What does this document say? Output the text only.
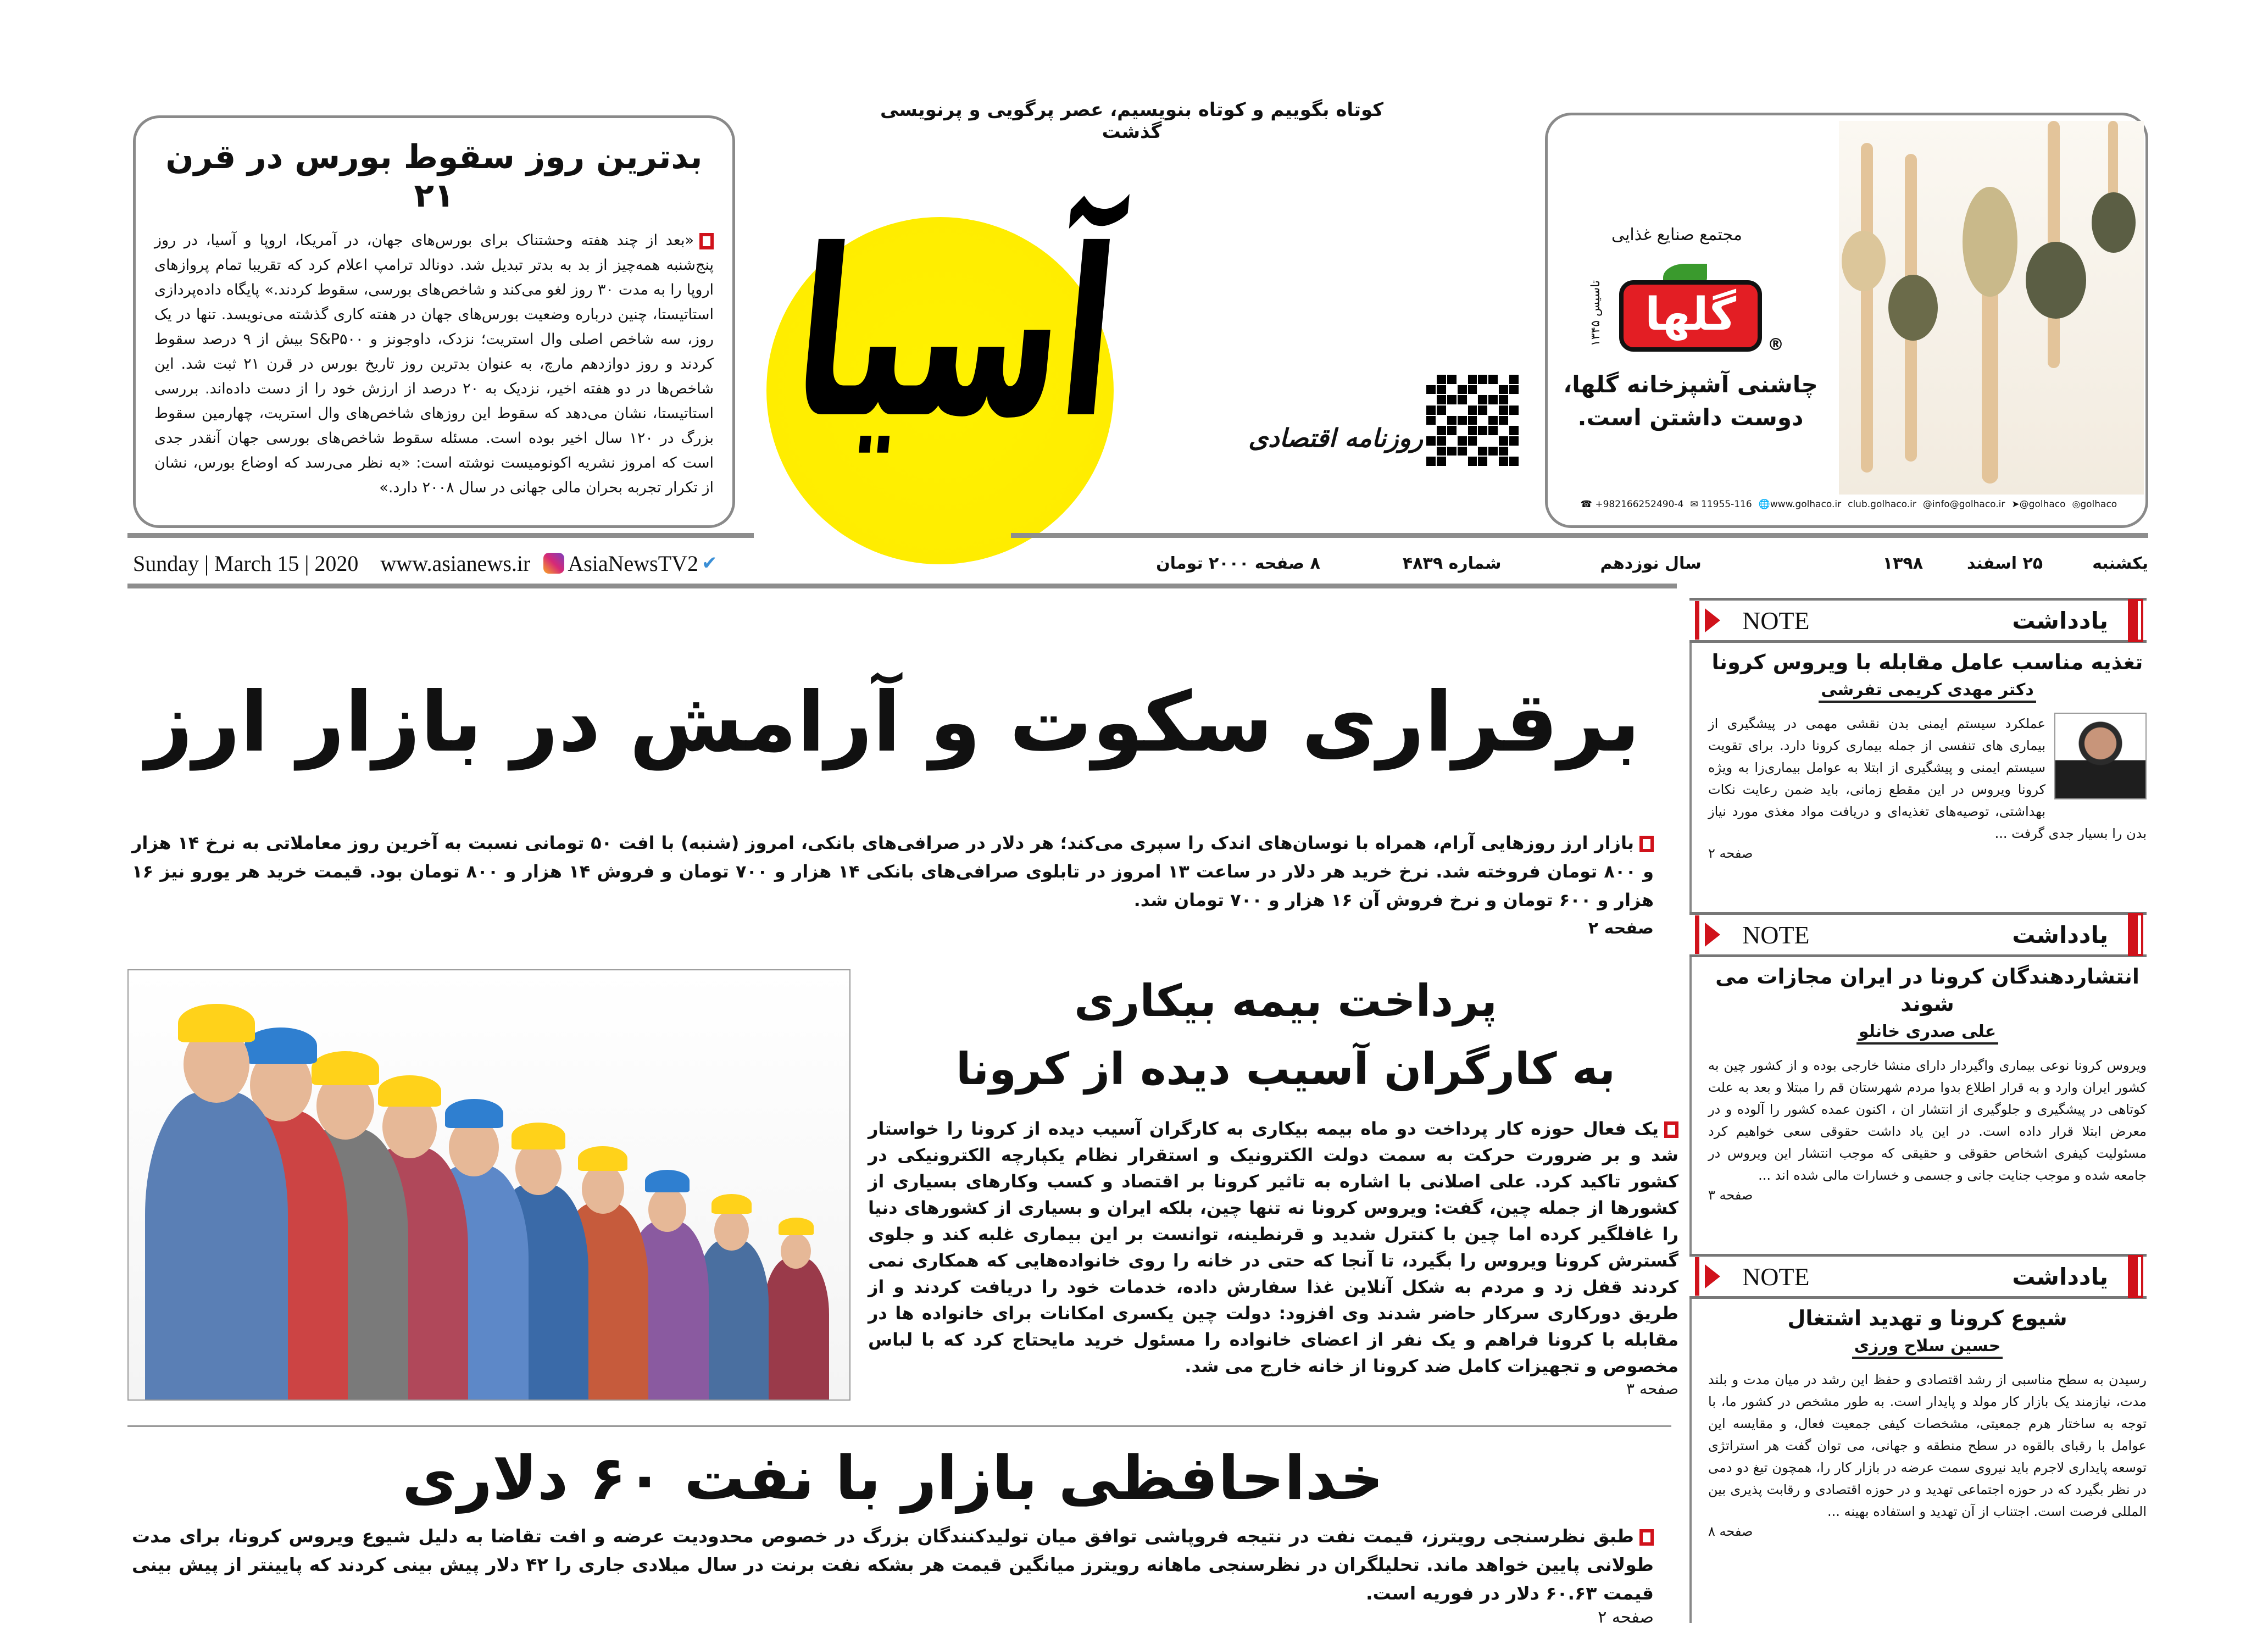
کوتاه بگوییم و کوتاه بنویسیم، عصر پرگویی و پرنویسی گذشت
بدترین روز سقوط بورس در قرن ۲۱

«بعد از چند هفته وحشتناک برای بورس‌های جهان، در آمریکا، اروپا و آسیا، در روز پنج‌شنبه همه‌چیز از بد به بدتر تبدیل شد. دونالد ترامپ اعلام کرد که تقریبا تمام پروازهای اروپا را به مدت ۳۰ روز لغو می‌کند و شاخص‌های بورسی، سقوط کردند.» پایگاه داده‌پردازی استاتیستا، چنین درباره وضعیت بورس‌های جهان در هفته کاری گذشته می‌نویسد. تنها در یک روز، سه شاخص اصلی وال استریت؛ نزدک، داوجونز و S&P۵۰۰ بیش از ۹ درصد سقوط کردند و روز دوازدهم مارچ، به عنوان بدترین روز تاریخ بورس در قرن ۲۱ ثبت شد. این شاخص‌ها در دو هفته اخیر، نزدیک به ۲۰ درصد از ارزش خود را از دست داده‌اند. بررسی استاتیستا، نشان می‌دهد که سقوط این روزهای شاخص‌های وال استریت، چهارمین سقوط بزرگ در ۱۲۰ سال اخیر بوده است. مسئله سقوط شاخص‌های بورسی جهان آنقدر جدی است که امروز نشریه اکونومیست نوشته است: «به نظر می‌رسد که اوضاع بورس، نشان از تکرار تجربه بحران مالی جهانی در سال ۲۰۰۸ دارد.»

آسیا	روزنامه اقتصادی
مجتمع صنایع غذایی
گلها
تاسیس ۱۳۴۵
®
چاشنی آشپزخانه گلها،
دوست داشتن است.
☎ +982166252490-4 ✉ 11955-116 🌐www.golhaco.ir club.golhaco.ir @info@golhaco.ir ➤@golhaco ◎golhaco
Sunday | March 15 | 2020 www.asianews.ir AsiaNewsTV2 ✔	۸ صفحه ۲۰۰۰ تومان	شماره ۴۸۳۹	سال نوزدهم	۱۳۹۸	۲۵ اسفند	یکشنبه
برقراری سکوت و آرامش در بازار ارز
بازار ارز روزهایی آرام، همراه با نوسان‌های اندک را سپری می‌کند؛ هر دلار در صرافی‌های بانکی، امروز (شنبه) با افت ۵۰ تومانی نسبت به آخرین روز معاملاتی به نرخ ۱۴ هزار و ۸۰۰ تومان فروخته شد. نرخ خرید هر دلار در ساعت ۱۳ امروز در تابلوی صرافی‌های بانکی ۱۴ هزار و ۷۰۰ تومان و فروش ۱۴ هزار و ۸۰۰ تومان بود. قیمت خرید هر یورو نیز ۱۶ هزار و ۶۰۰ تومان و نرخ فروش آن ۱۶ هزار و ۷۰۰ تومان شد.
صفحه ۲
پرداخت بیمه بیکاری
به کارگران آسیب دیده از کرونا
یک فعال حوزه کار پرداخت دو ماه بیمه بیکاری به کارگران آسیب دیده از کرونا را خواستار شد و بر ضرورت حرکت به سمت دولت الکترونیک و استقرار نظام یکپارچه الکترونیکی در کشور تاکید کرد. علی اصلانی با اشاره به تاثیر کرونا بر اقتصاد و کسب وکارهای بسیاری از کشورها از جمله چین، گفت: ویروس کرونا نه تنها چین، بلکه ایران و بسیاری از کشورهای دنیا را غافلگیر کرده اما چین با کنترل شدید و قرنطینه، توانست بر این بیماری غلبه کند و جلوی گسترش کرونا ویروس را بگیرد، تا آنجا که حتی در خانه را روی خانواده‌هایی که همکاری نمی کردند قفل زد و مردم به شکل آنلاین غذا سفارش داده، خدمات خود را دریافت کردند و از طریق دورکاری سرکار حاضر شدند وی افزود: دولت چین یکسری امکانات برای خانواده ها در مقابله با کرونا فراهم و یک نفر از اعضای خانواده را مسئول خرید مایحتاج کرد که با لباس مخصوص و تجهیزات کامل ضد کرونا از خانه خارج می شد.
صفحه ۳
خداحافظی بازار با نفت ۶۰ دلاری
طبق نظرسنجی رویترز، قیمت نفت در نتیجه فروپاشی توافق میان تولیدکنندگان بزرگ در خصوص محدودیت عرضه و افت تقاضا به دلیل شیوع ویروس کرونا، برای مدت طولانی پایین خواهد ماند. تحلیلگران در نظرسنجی ماهانه رویترز میانگین قیمت هر بشکه نفت برنت در سال میلادی جاری را ۴۲ دلار پیش بینی کردند که پایینتر از پیش بینی قیمت ۶۰.۶۳ دلار در فوریه است.
صفحه ۲
NOTE	یادداشت
تغذیه مناسب عامل مقابله با ویروس کرونا
دکتر مهدی کریمی تفرشی
عملکرد سیستم ایمنی بدن نقشی مهمی در پیشگیری از بیماری های تنفسی از جمله بیماری کرونا دارد. برای تقویت سیستم ایمنی و پیشگیری از ابتلا به عوامل بیماری‌زا به ویژه کرونا ویروس در این مقطع زمانی، باید ضمن رعایت نکات بهداشتی، توصیه‌های تغذیه‌ای و دریافت مواد مغذی مورد نیاز بدن را بسیار جدی گرفت ...
صفحه ۲
NOTE	یادداشت
انتشاردهندگان کرونا در ایران مجازات می شوند
علی صدری خانلو
ویروس کرونا نوعی بیماری واگیردار دارای منشا خارجی بوده و از کشور چین به کشور ایران وارد و به قرار اطلاع بدوا مردم شهرستان قم را مبتلا و بعد به علت کوتاهی در پیشگیری و جلوگیری از انتشار ان ، اکنون عمده کشور را آلوده و در معرض ابتلا قرار داده است. در این یاد داشت حقوقی سعی خواهیم کرد مسئولیت کیفری اشخاص حقوقی و حقیقی که موجب انتشار این ویروس در جامعه شده و موجب جنایت جانی و جسمی و خسارات مالی شده اند ...
صفحه ۳
NOTE	یادداشت
شیوع کرونا و تهدید اشتغال
حسین سلاح ورزی
رسیدن به سطح مناسبی از رشد اقتصادی و حفظ این رشد در میان مدت و بلند مدت، نیازمند یک بازار کار مولد و پایدار است. به طور مشخص در کشور ما، با توجه به ساختار هرم جمعیتی، مشخصات کیفی جمعیت فعال، و مقایسه این عوامل با رقبای بالقوه در سطح منطقه و جهانی، می توان گفت هر استراتژی توسعه پایداری لاجرم باید نیروی سمت عرضه در بازار کار را، همچون تیغ دو دمی در نظر بگیرد که در حوزه اجتماعی تهدید و در حوزه اقتصادی و رقابت پذیری بین المللی فرصت است. اجتناب از آن تهدید و استفاده بهینه ...
صفحه ۸
